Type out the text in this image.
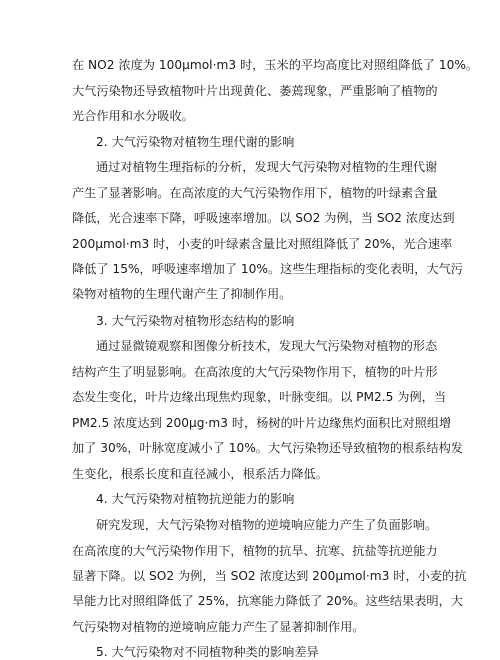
在 NO2 浓度为 100μmol·m3 时，玉米的平均高度比对照组降低了 10%。
大气污染物还导致植物叶片出现黄化、萎蔫现象，严重影响了植物的
光合作用和水分吸收。
2. 大气污染物对植物生理代谢的影响
通过对植物生理指标的分析，发现大气污染物对植物的生理代谢
产生了显著影响。在高浓度的大气污染物作用下，植物的叶绿素含量
降低，光合速率下降，呼吸速率增加。以 SO2 为例，当 SO2 浓度达到
200μmol·m3 时，小麦的叶绿素含量比对照组降低了 20%，光合速率
降低了 15%，呼吸速率增加了 10%。这些生理指标的变化表明，大气污
染物对植物的生理代谢产生了抑制作用。
3. 大气污染物对植物形态结构的影响
通过显微镜观察和图像分析技术，发现大气污染物对植物的形态
结构产生了明显影响。在高浓度的大气污染物作用下，植物的叶片形
态发生变化，叶片边缘出现焦灼现象，叶脉变细。以 PM2.5 为例，当
PM2.5 浓度达到 200μg·m3 时，杨树的叶片边缘焦灼面积比对照组增
加了 30%，叶脉宽度减小了 10%。大气污染物还导致植物的根系结构发
生变化，根系长度和直径减小，根系活力降低。
4. 大气污染物对植物抗逆能力的影响
研究发现，大气污染物对植物的逆境响应能力产生了负面影响。
在高浓度的大气污染物作用下，植物的抗旱、抗寒、抗盐等抗逆能力
显著下降。以 SO2 为例，当 SO2 浓度达到 200μmol·m3 时，小麦的抗
旱能力比对照组降低了 25%，抗寒能力降低了 20%。这些结果表明，大
气污染物对植物的逆境响应能力产生了显著抑制作用。
5. 大气污染物对不同植物种类的影响差异
